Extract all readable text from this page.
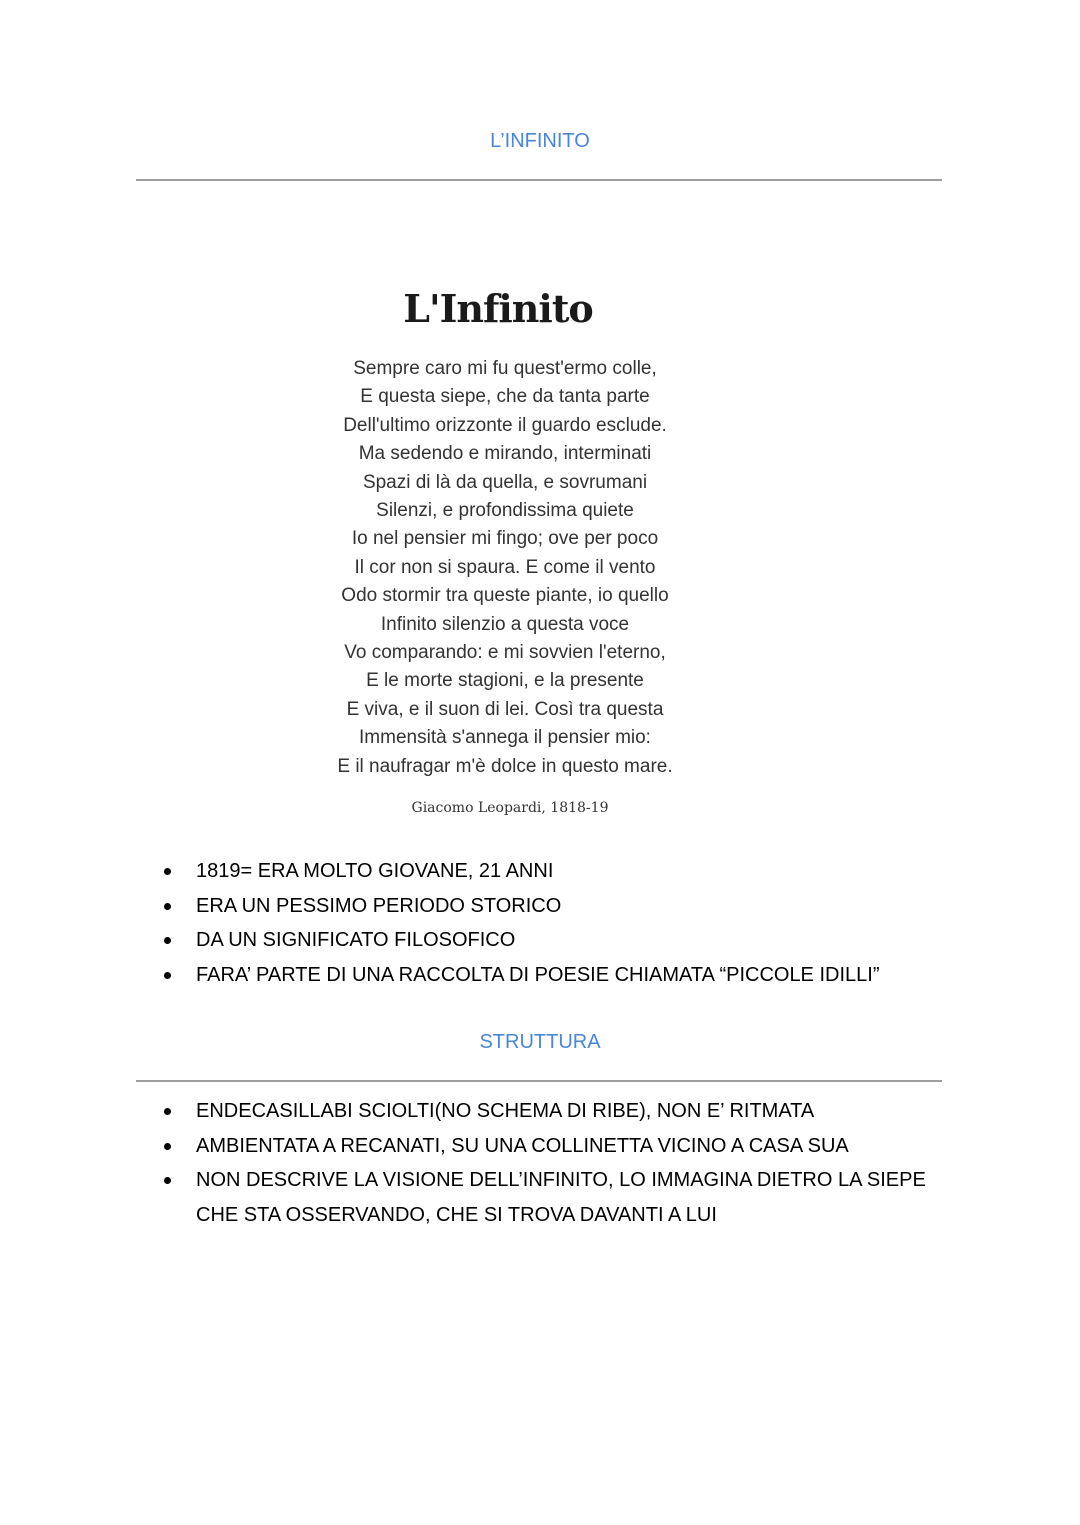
L’INFINITO
L'Infinito
Sempre caro mi fu quest'ermo colle,
E questa siepe, che da tanta parte
Dell'ultimo orizzonte il guardo esclude.
Ma sedendo e mirando, interminati
Spazi di là da quella, e sovrumani
Silenzi, e profondissima quiete
Io nel pensier mi fingo; ove per poco
Il cor non si spaura. E come il vento
Odo stormir tra queste piante, io quello
Infinito silenzio a questa voce
Vo comparando: e mi sovvien l'eterno,
E le morte stagioni, e la presente
E viva, e il suon di lei. Così tra questa
Immensità s'annega il pensier mio:
E il naufragar m'è dolce in questo mare.

Giacomo Leopardi, 1818-19

1819= ERA MOLTO GIOVANE, 21 ANNI
ERA UN PESSIMO PERIODO STORICO
DA UN SIGNIFICATO FILOSOFICO
FARA’ PARTE DI UNA RACCOLTA DI POESIE CHIAMATA “PICCOLE IDILLI”
STRUTTURA
ENDECASILLABI SCIOLTI(NO SCHEMA DI RIBE), NON E’ RITMATA
AMBIENTATA A RECANATI, SU UNA COLLINETTA VICINO A CASA SUA
NON DESCRIVE LA VISIONE DELL’INFINITO, LO IMMAGINA DIETRO LA SIEPE CHE STA OSSERVANDO, CHE SI TROVA DAVANTI A LUI
